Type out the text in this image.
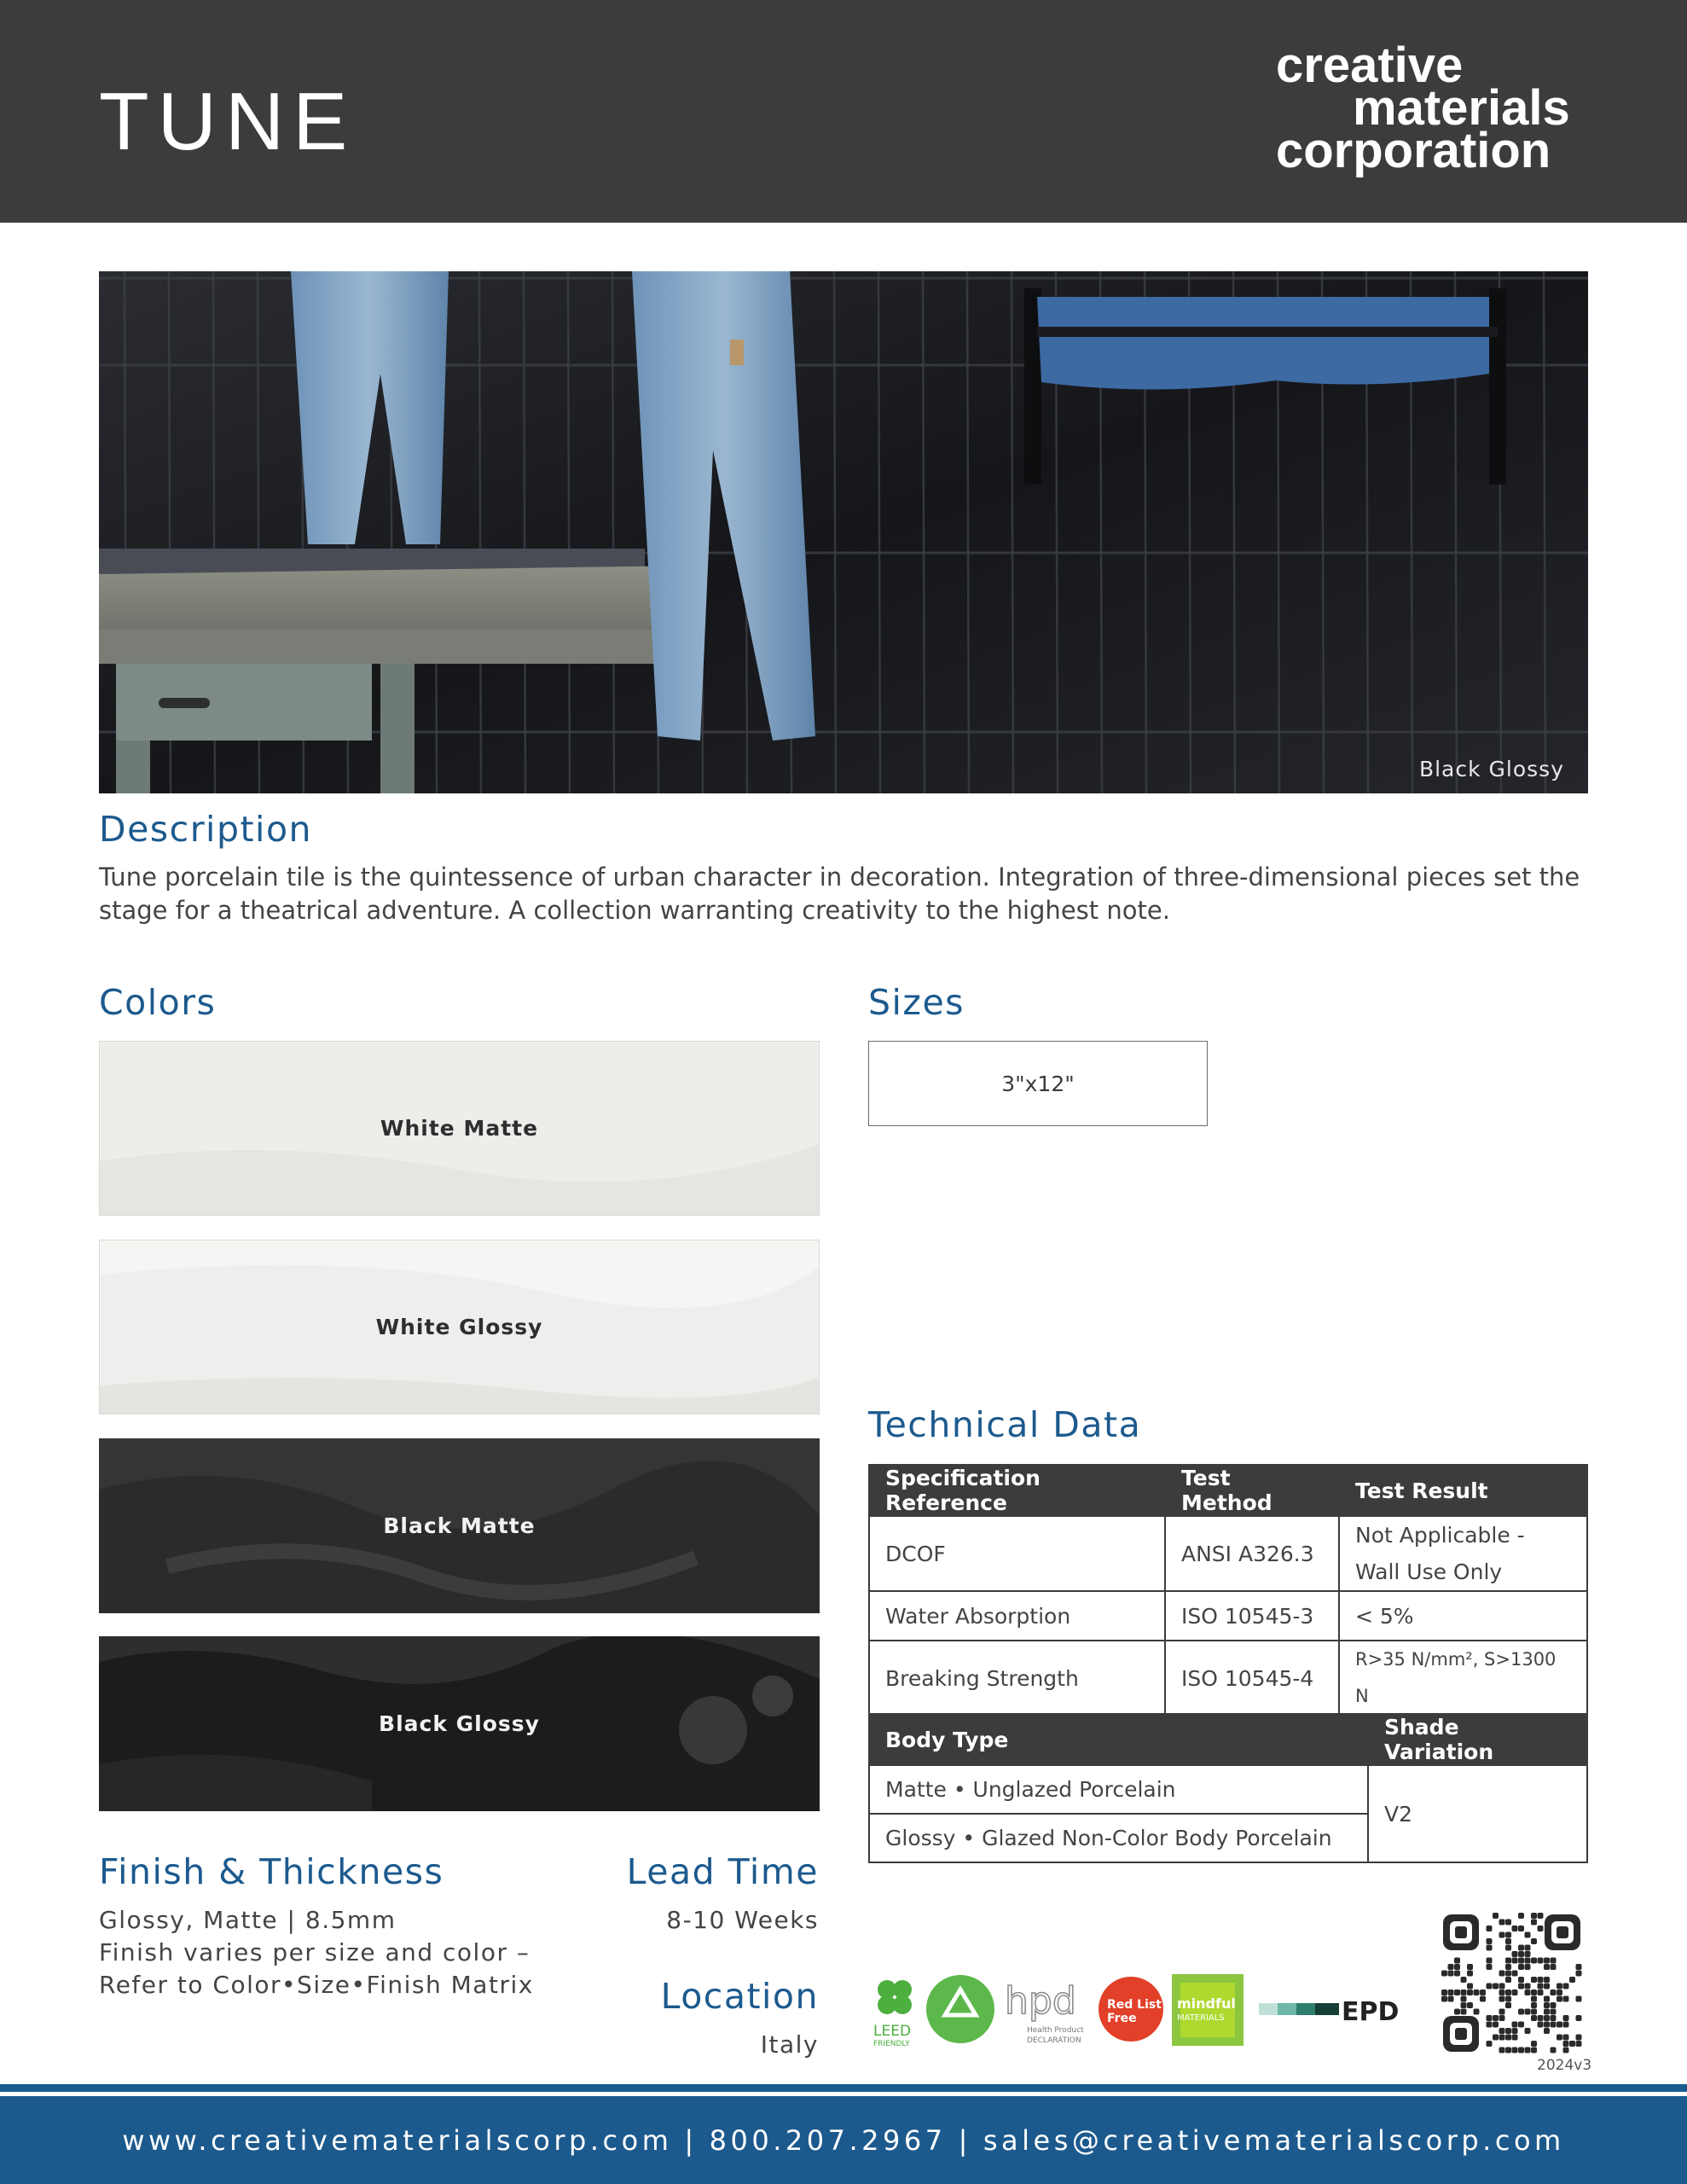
TUNE
creative
materials
corporation
Black Glossy
Description
Tune porcelain tile is the quintessence of urban character in decoration. Integration of three-dimensional pieces set the stage for a theatrical adventure. A collection warranting creativity to the highest note.
Colors
White Matte
White Glossy
Black Matte
Black Glossy
Sizes
3"x12"
Technical Data
Specification Reference	Test Method	Test Result
DCOF	ANSI A326.3	Not Applicable -
Wall Use Only

Water Absorption	ISO 10545-3	< 5%
Breaking Strength	ISO 10545-4	R>35 N/mm², S>1300 N
Body Type	Shade Variation
Matte • Unglazed Porcelain	V2
Glossy • Glazed Non-Color Body Porcelain	
Finish & Thickness
Glossy, Matte | 8.5mm
Finish varies per size and color –
Refer to Color•Size•Finish Matrix
Lead Time
8-10 Weeks
Location
Italy	LEED
FRIENDLY
hpd
Health Product
DECLARATION
Red List
Free
mindful
MATERIALS	EPD
2024v3
www.creativematerialscorp.com | 800.207.2967 | sales@creativematerialscorp.com
